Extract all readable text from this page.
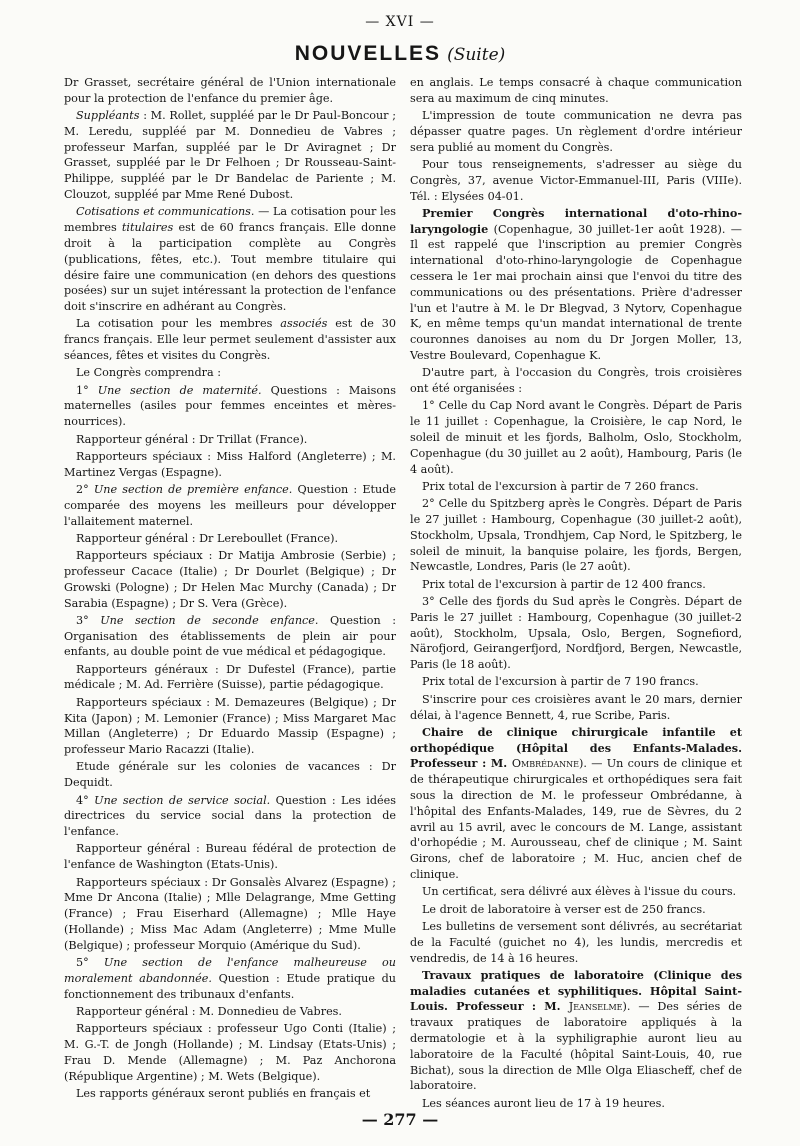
— XVI —
NOUVELLES (Suite)

Dr Grasset, secrétaire général de l'Union internationale pour la protection de l'enfance du premier âge.

Suppléants : M. Rollet, suppléé par le Dr Paul-Boncour ; M. Leredu, suppléé par M. Donnedieu de Vabres ; professeur Marfan, suppléé par le Dr Aviragnet ; Dr Grasset, suppléé par le Dr Felhoen ; Dr Rousseau-Saint-Philippe, suppléé par le Dr Bandelac de Pariente ; M. Clouzot, suppléé par Mme René Dubost.

Cotisations et communications. — La cotisation pour les membres titulaires est de 60 francs français. Elle donne droit à la participation complète au Congrès (publications, fêtes, etc.). Tout membre titulaire qui désire faire une communication (en dehors des questions posées) sur un sujet intéressant la protection de l'enfance doit s'inscrire en adhérant au Congrès.

La cotisation pour les membres associés est de 30 francs français. Elle leur permet seulement d'assister aux séances, fêtes et visites du Congrès.

Le Congrès comprendra :

1° Une section de maternité. Questions : Maisons maternelles (asiles pour femmes enceintes et mères-nourrices).

Rapporteur général : Dr Trillat (France).

Rapporteurs spéciaux : Miss Halford (Angleterre) ; M. Martinez Vergas (Espagne).

2° Une section de première enfance. Question : Etude comparée des moyens les meilleurs pour développer l'allaitement maternel.

Rapporteur général : Dr Lereboullet (France).

Rapporteurs spéciaux : Dr Matija Ambrosie (Serbie) ; professeur Cacace (Italie) ; Dr Dourlet (Belgique) ; Dr Growski (Pologne) ; Dr Helen Mac Murchy (Canada) ; Dr Sarabia (Espagne) ; Dr S. Vera (Grèce).

3° Une section de seconde enfance. Question : Organisation des établissements de plein air pour enfants, au double point de vue médical et pédagogique.

Rapporteurs généraux : Dr Dufestel (France), partie médicale ; M. Ad. Ferrière (Suisse), partie pédagogique.

Rapporteurs spéciaux : M. Demazeures (Belgique) ; Dr Kita (Japon) ; M. Lemonier (France) ; Miss Margaret Mac Millan (Angleterre) ; Dr Eduardo Massip (Espagne) ; professeur Mario Racazzi (Italie).

Etude générale sur les colonies de vacances : Dr Dequidt.

4° Une section de service social. Question : Les idées directrices du service social dans la protection de l'enfance.

Rapporteur général : Bureau fédéral de protection de l'enfance de Washington (Etats-Unis).

Rapporteurs spéciaux : Dr Gonsalès Alvarez (Espagne) ; Mme Dr Ancona (Italie) ; Mlle Delagrange, Mme Getting (France) ; Frau Eiserhard (Allemagne) ; Mlle Haye (Hollande) ; Miss Mac Adam (Angleterre) ; Mme Mulle (Belgique) ; professeur Morquio (Amérique du Sud).

5° Une section de l'enfance malheureuse ou moralement abandonnée. Question : Etude pratique du fonctionnement des tribunaux d'enfants.

Rapporteur général : M. Donnedieu de Vabres.

Rapporteurs spéciaux : professeur Ugo Conti (Italie) ; M. G.-T. de Jongh (Hollande) ; M. Lindsay (Etats-Unis) ; Frau D. Mende (Allemagne) ; M. Paz Anchorona (République Argentine) ; M. Wets (Belgique).

Les rapports généraux seront publiés en français et

en anglais. Le temps consacré à chaque communication sera au maximum de cinq minutes.

L'impression de toute communication ne devra pas dépasser quatre pages. Un règlement d'ordre intérieur sera publié au moment du Congrès.

Pour tous renseignements, s'adresser au siège du Congrès, 37, avenue Victor-Emmanuel-III, Paris (VIIIe). Tél. : Elysées 04-01.

Premier Congrès international d'oto-rhino-laryngologie (Copenhague, 30 juillet-1er août 1928). — Il est rappelé que l'inscription au premier Congrès international d'oto-rhino-laryngologie de Copenhague cessera le 1er mai prochain ainsi que l'envoi du titre des communications ou des présentations. Prière d'adresser l'un et l'autre à M. le Dr Blegvad, 3 Nytorv, Copenhague K, en même temps qu'un mandat international de trente couronnes danoises au nom du Dr Jorgen Moller, 13, Vestre Boulevard, Copenhague K.

D'autre part, à l'occasion du Congrès, trois croisières ont été organisées :

1° Celle du Cap Nord avant le Congrès. Départ de Paris le 11 juillet : Copenhague, la Croisière, le cap Nord, le soleil de minuit et les fjords, Balholm, Oslo, Stockholm, Copenhague (du 30 juillet au 2 août), Hambourg, Paris (le 4 août).

Prix total de l'excursion à partir de 7 260 francs.

2° Celle du Spitzberg après le Congrès. Départ de Paris le 27 juillet : Hambourg, Copenhague (30 juillet-2 août), Stockholm, Upsala, Trondhjem, Cap Nord, le Spitzberg, le soleil de minuit, la banquise polaire, les fjords, Bergen, Newcastle, Londres, Paris (le 27 août).

Prix total de l'excursion à partir de 12 400 francs.

3° Celle des fjords du Sud après le Congrès. Départ de Paris le 27 juillet : Hambourg, Copenhague (30 juillet-2 août), Stockholm, Upsala, Oslo, Bergen, Sognefiord, Närofjord, Geirangerfjord, Nordfjord, Bergen, Newcastle, Paris (le 18 août).

Prix total de l'excursion à partir de 7 190 francs.

S'inscrire pour ces croisières avant le 20 mars, dernier délai, à l'agence Bennett, 4, rue Scribe, Paris.

Chaire de clinique chirurgicale infantile et orthopédique (Hôpital des Enfants-Malades. Professeur : M. Ombrédanne). — Un cours de clinique et de thérapeutique chirurgicales et orthopédiques sera fait sous la direction de M. le professeur Ombrédanne, à l'hôpital des Enfants-Malades, 149, rue de Sèvres, du 2 avril au 15 avril, avec le concours de M. Lange, assistant d'orhopédie ; M. Aurousseau, chef de clinique ; M. Saint Girons, chef de laboratoire ; M. Huc, ancien chef de clinique.

Un certificat, sera délivré aux élèves à l'issue du cours.

Le droit de laboratoire à verser est de 250 francs.

Les bulletins de versement sont délivrés, au secrétariat de la Faculté (guichet no 4), les lundis, mercredis et vendredis, de 14 à 16 heures.

Travaux pratiques de laboratoire (Clinique des maladies cutanées et syphilitiques. Hôpital Saint-Louis. Professeur : M. Jeanselme). — Des séries de travaux pratiques de laboratoire appliqués à la dermatologie et à la syphiligraphie auront lieu au laboratoire de la Faculté (hôpital Saint-Louis, 40, rue Bichat), sous la direction de Mlle Olga Eliascheff, chef de laboratoire.

Les séances auront lieu de 17 à 19 heures.

— 277 —
